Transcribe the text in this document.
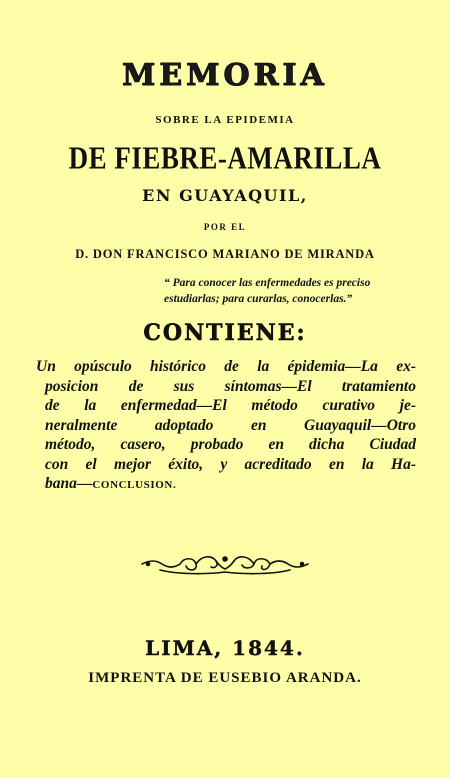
MEMORIA
SOBRE LA EPIDEMIA
DE FIEBRE-AMARILLA
EN GUAYAQUIL,
POR EL
D. DON FRANCISCO MARIANO DE MIRANDA
“ Para conocer las enfermedades es preciso
estudiarlas; para curarlas, conocerlas.”
CONTIENE:
Un opúsculo histórico de la épidemia—La ex-
posicion de sus síntomas—El tratamiento
de la enfermedad—El método curativo je-
neralmente adoptado en Guayaquil—Otro
método, casero, probado en dicha Ciudad
con el mejor éxito, y acreditado en la Ha-
bana—CONCLUSION.
LIMA, 1844.
IMPRENTA DE EUSEBIO ARANDA.
